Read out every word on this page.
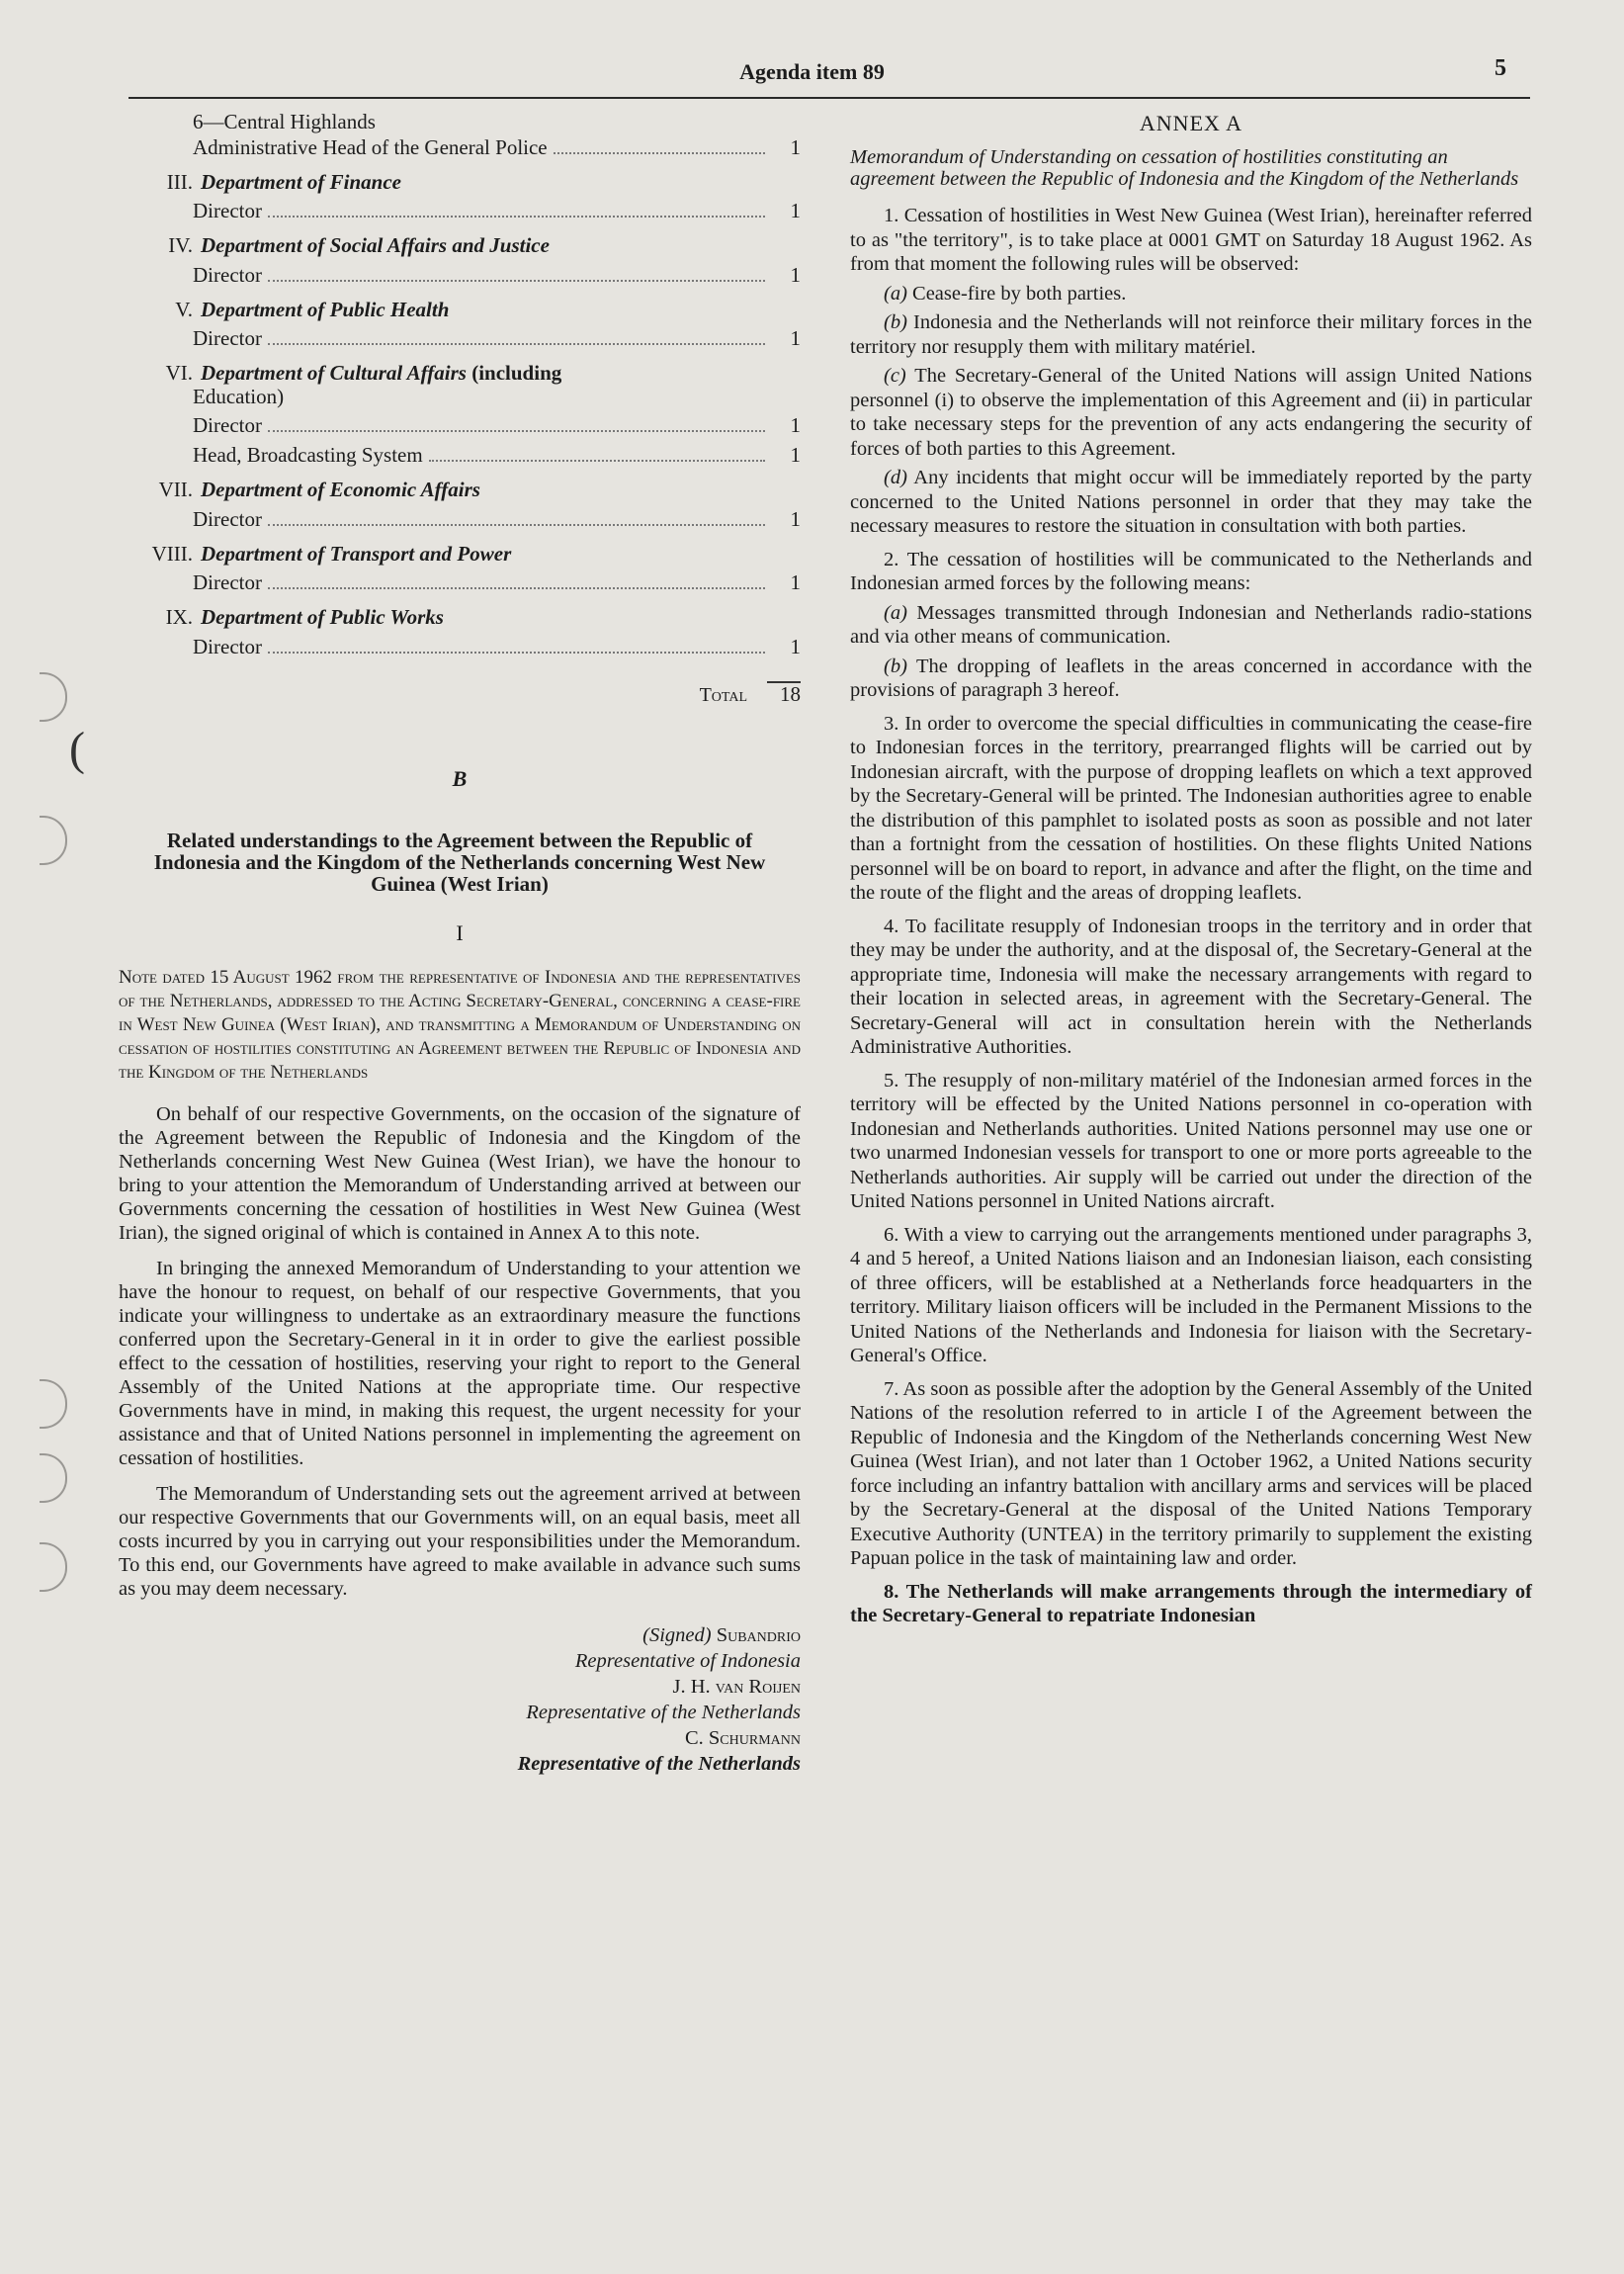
Agenda item 89	5
(
6—Central Highlands
Administrative Head of the General Police	1
III. Department of Finance
Director	1
IV. Department of Social Affairs and Justice
Director	1
V. Department of Public Health
Director	1
VI. Department of Cultural Affairs (including
Education)
Director	1
Head, Broadcasting System	1
VII. Department of Economic Affairs
Director	1
VIII. Department of Transport and Power
Director	1
IX. Department of Public Works
Director	1
Total	18
B
Related understandings to the Agreement between the Republic of Indonesia and the Kingdom of the Netherlands concerning West New Guinea (West Irian)
I
Note dated 15 August 1962 from the representative of Indonesia and the representatives of the Netherlands, addressed to the Acting Secretary-General, concerning a cease-fire in West New Guinea (West Irian), and transmitting a Memorandum of Understanding on cessation of hostilities constituting an Agreement between the Republic of Indonesia and the Kingdom of the Netherlands

On behalf of our respective Governments, on the occasion of the signature of the Agreement between the Republic of Indonesia and the Kingdom of the Netherlands concerning West New Guinea (West Irian), we have the honour to bring to your attention the Memorandum of Understanding arrived at between our Governments concerning the cessation of hostilities in West New Guinea (West Irian), the signed original of which is contained in Annex A to this note.

In bringing the annexed Memorandum of Understanding to your attention we have the honour to request, on behalf of our respective Governments, that you indicate your willingness to undertake as an extraordinary measure the functions conferred upon the Secretary-General in it in order to give the earliest possible effect to the cessation of hostilities, reserving your right to report to the General Assembly of the United Nations at the appropriate time. Our respective Governments have in mind, in making this request, the urgent necessity for your assistance and that of United Nations personnel in implementing the agreement on cessation of hostilities.

The Memorandum of Understanding sets out the agreement arrived at between our respective Governments that our Governments will, on an equal basis, meet all costs incurred by you in carrying out your responsibilities under the Memorandum. To this end, our Governments have agreed to make available in advance such sums as you may deem necessary.

(Signed) Subandrio
Representative of Indonesia
J. H. van Roijen
Representative of the Netherlands
C. Schurmann
Representative of the Netherlands
ANNEX A
Memorandum of Understanding on cessation of hostilities constituting an agreement between the Republic of Indonesia and the Kingdom of the Netherlands

1. Cessation of hostilities in West New Guinea (West Irian), hereinafter referred to as "the territory", is to take place at 0001 GMT on Saturday 18 August 1962. As from that moment the following rules will be observed:

(a) Cease-fire by both parties.

(b) Indonesia and the Netherlands will not reinforce their military forces in the territory nor resupply them with military matériel.

(c) The Secretary-General of the United Nations will assign United Nations personnel (i) to observe the implementation of this Agreement and (ii) in particular to take necessary steps for the prevention of any acts endangering the security of forces of both parties to this Agreement.

(d) Any incidents that might occur will be immediately reported by the party concerned to the United Nations personnel in order that they may take the necessary measures to restore the situation in consultation with both parties.

2. The cessation of hostilities will be communicated to the Netherlands and Indonesian armed forces by the following means:

(a) Messages transmitted through Indonesian and Netherlands radio-stations and via other means of communication.

(b) The dropping of leaflets in the areas concerned in accordance with the provisions of paragraph 3 hereof.

3. In order to overcome the special difficulties in communicating the cease-fire to Indonesian forces in the territory, prearranged flights will be carried out by Indonesian aircraft, with the purpose of dropping leaflets on which a text approved by the Secretary-General will be printed. The Indonesian authorities agree to enable the distribution of this pamphlet to isolated posts as soon as possible and not later than a fortnight from the cessation of hostilities. On these flights United Nations personnel will be on board to report, in advance and after the flight, on the time and the route of the flight and the areas of dropping leaflets.

4. To facilitate resupply of Indonesian troops in the territory and in order that they may be under the authority, and at the disposal of, the Secretary-General at the appropriate time, Indonesia will make the necessary arrangements with regard to their location in selected areas, in agreement with the Secretary-General. The Secretary-General will act in consultation herein with the Netherlands Administrative Authorities.

5. The resupply of non-military matériel of the Indonesian armed forces in the territory will be effected by the United Nations personnel in co-operation with Indonesian and Netherlands authorities. United Nations personnel may use one or two unarmed Indonesian vessels for transport to one or more ports agreeable to the Netherlands authorities. Air supply will be carried out under the direction of the United Nations personnel in United Nations aircraft.

6. With a view to carrying out the arrangements mentioned under paragraphs 3, 4 and 5 hereof, a United Nations liaison and an Indonesian liaison, each consisting of three officers, will be established at a Netherlands force headquarters in the territory. Military liaison officers will be included in the Permanent Missions to the United Nations of the Netherlands and Indonesia for liaison with the Secretary-General's Office.

7. As soon as possible after the adoption by the General Assembly of the United Nations of the resolution referred to in article I of the Agreement between the Republic of Indonesia and the Kingdom of the Netherlands concerning West New Guinea (West Irian), and not later than 1 October 1962, a United Nations security force including an infantry battalion with ancillary arms and services will be placed by the Secretary-General at the disposal of the United Nations Temporary Executive Authority (UNTEA) in the territory primarily to supplement the existing Papuan police in the task of maintaining law and order.

8. The Netherlands will make arrangements through the intermediary of the Secretary-General to repatriate Indonesian
